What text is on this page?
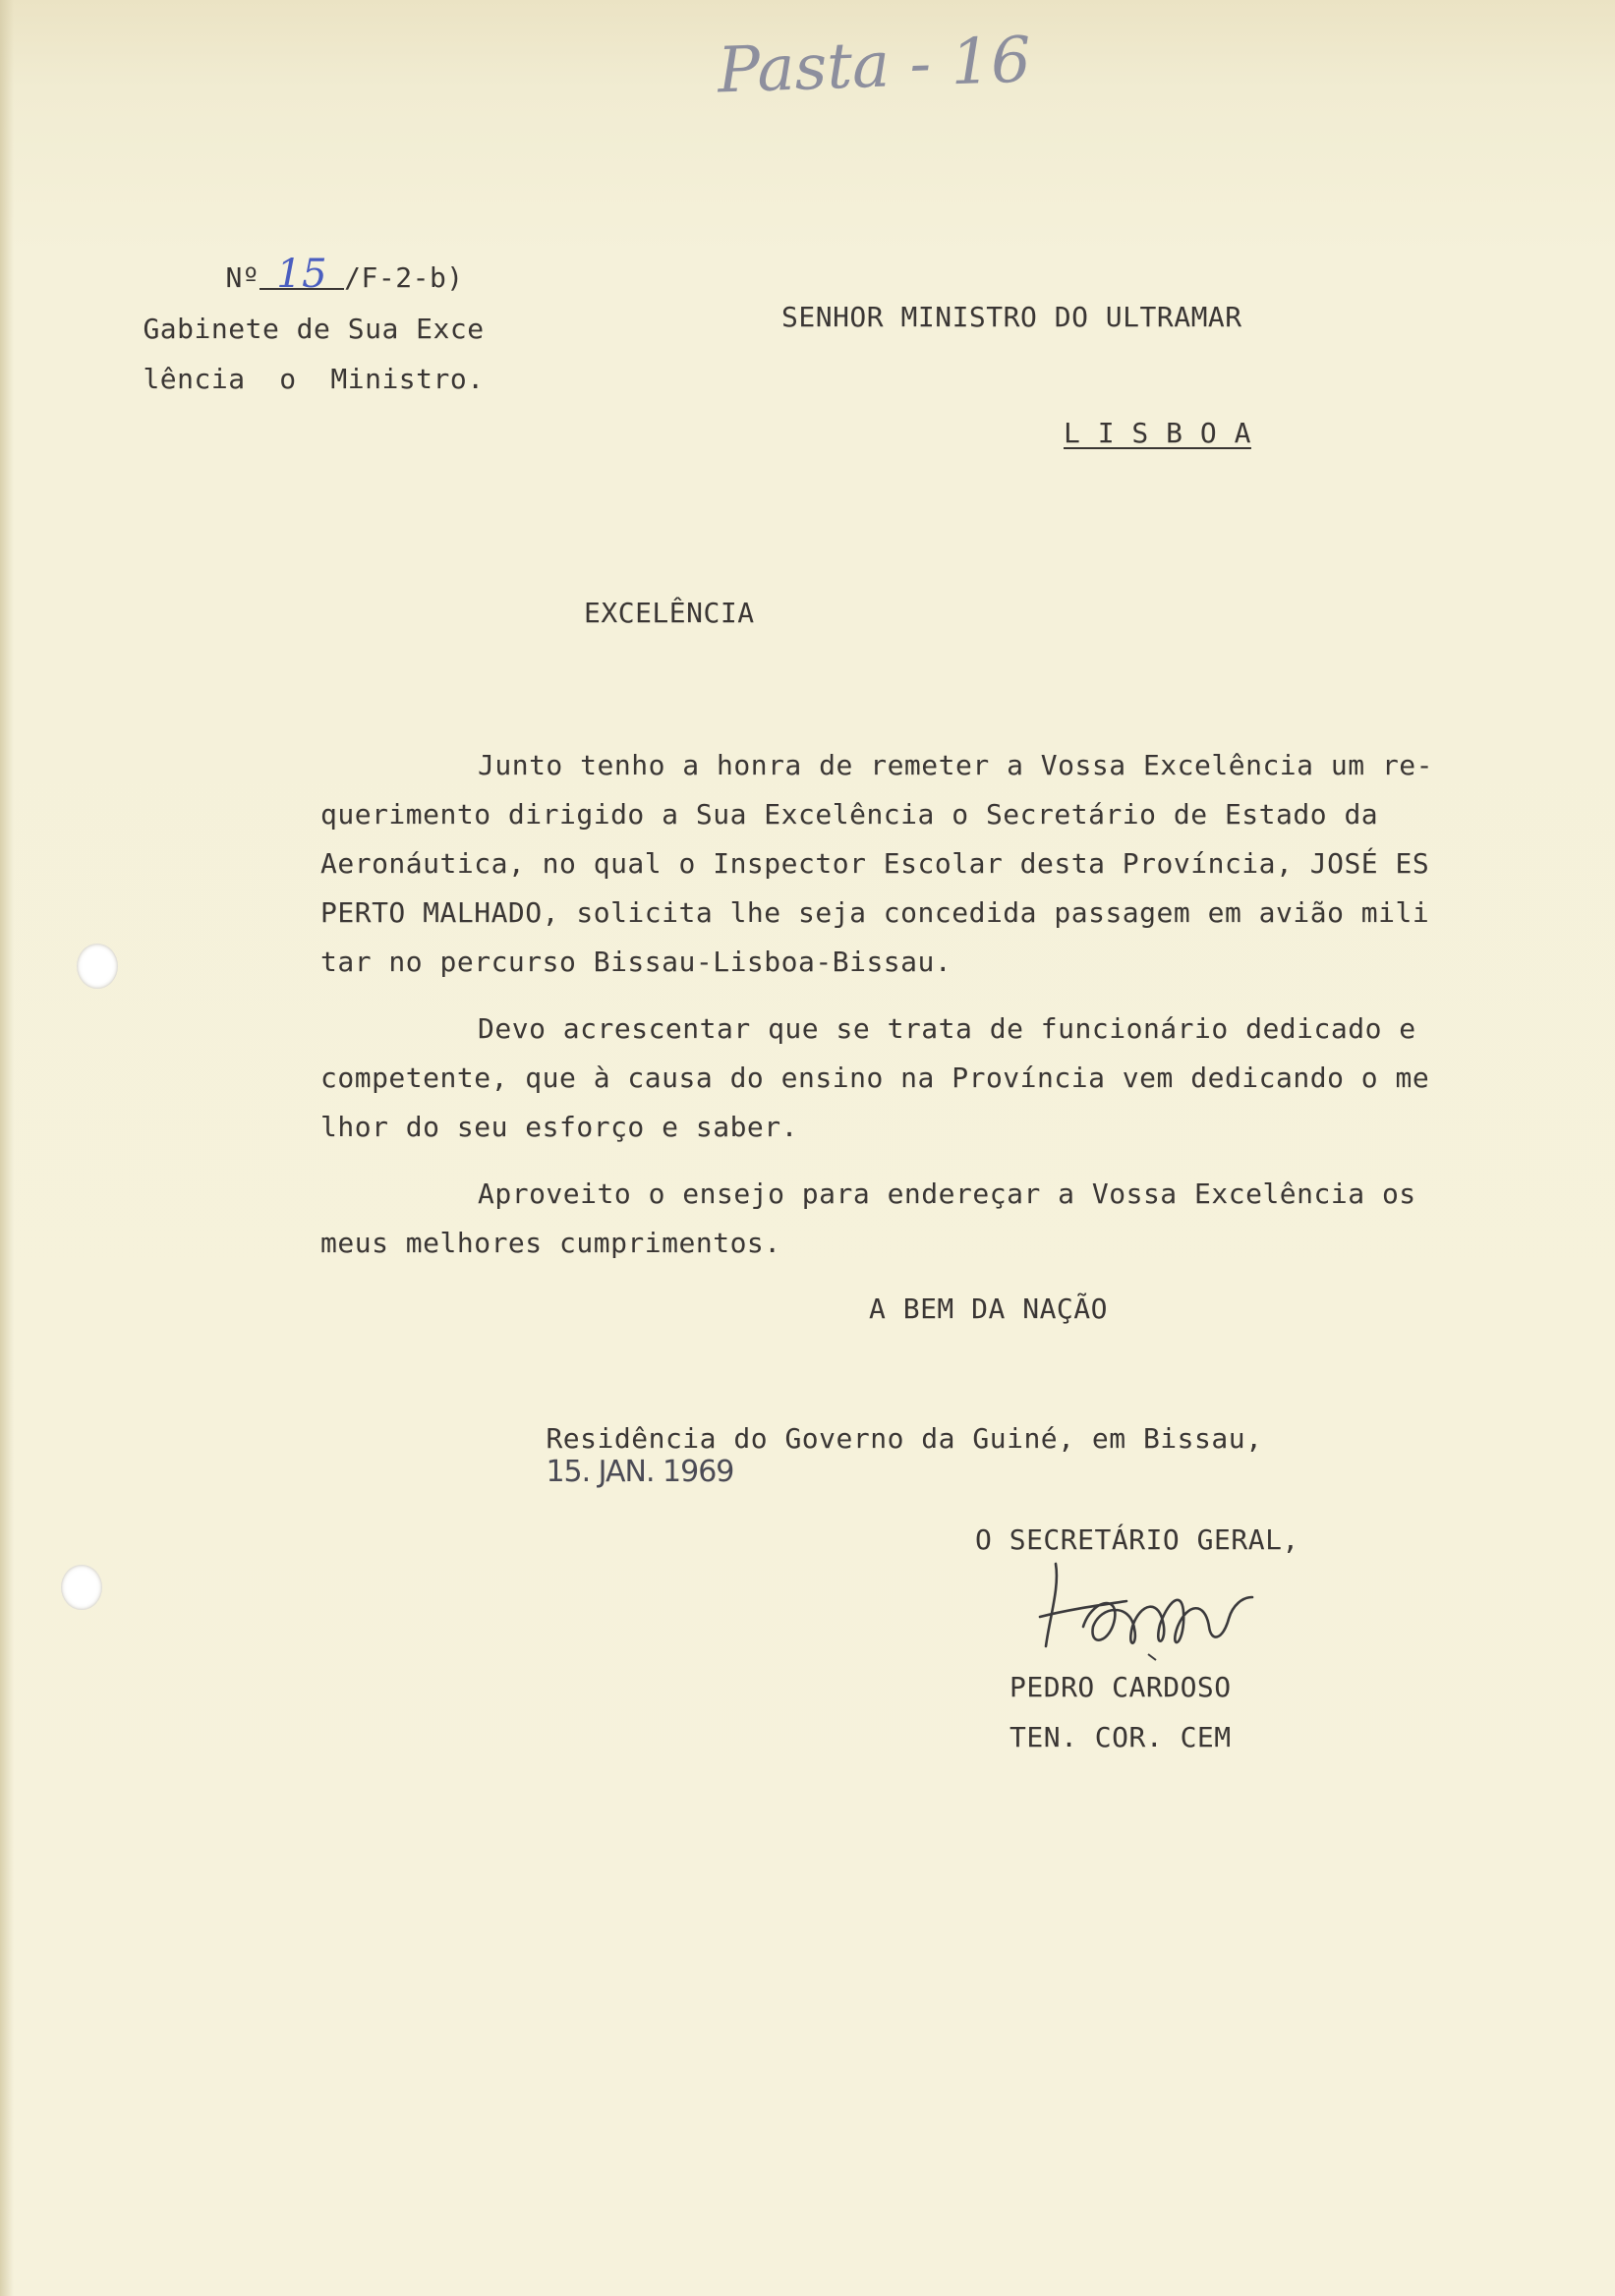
Pasta - 16

Nº 15 /F-2-b)

Gabinete de Sua Exce

lência  o  Ministro.

SENHOR MINISTRO DO ULTRAMAR
L I S B O A
EXCELÊNCIA
Junto tenho a honra de remeter a Vossa Excelência um re-
querimento dirigido a Sua Excelência o Secretário de Estado da
Aeronáutica, no qual o Inspector Escolar desta Província, JOSÉ ES
PERTO MALHADO, solicita lhe seja concedida passagem em avião mili
tar no percurso Bissau-Lisboa-Bissau.
Devo acrescentar que se trata de funcionário dedicado e
competente, que à causa do ensino na Província vem dedicando o me
lhor do seu esforço e saber.
Aproveito o ensejo para endereçar a Vossa Excelência os
meus melhores cumprimentos.
A BEM DA NAÇÃO

Residência do Governo da Guiné, em Bissau,
15. JAN. 1969

O SECRETÁRIO GERAL,
PEDRO CARDOSO
TEN. COR. CEM
